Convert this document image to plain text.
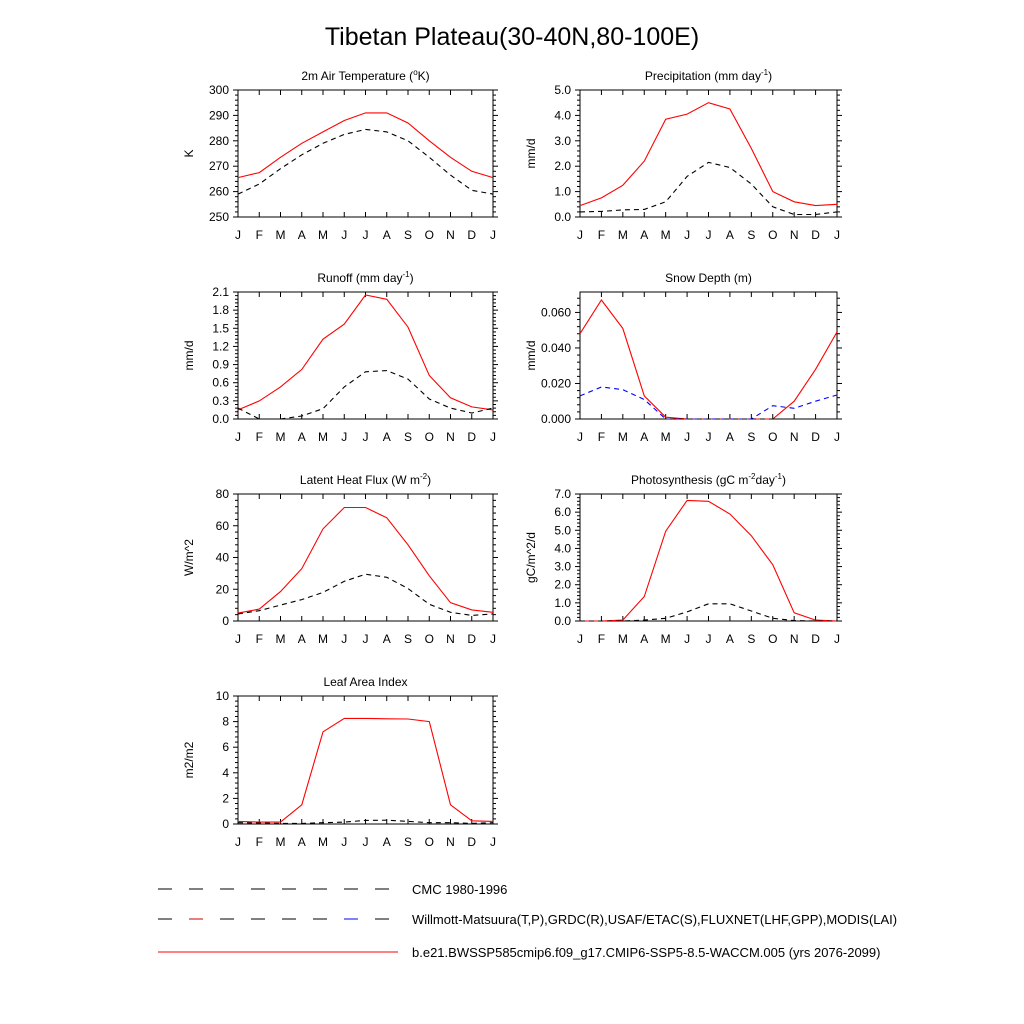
Tibetan Plateau(30-40N,80-100E)
2m Air Temperature ($^o$K)
J F M A M J J A S O N D J
250
260
270
280
290
300
K
Precipitation (mm day$^{-1}$)
J F M A M J J A S O N D J
0.0
1.0
2.0
3.0
4.0
5.0
mm/d
Runoff (mm day$^{-1}$)
J F M A M J J A S O N D J
0.0
0.3
0.6
0.9
1.2
1.5
1.8
2.1
mm/d
Snow Depth (m)
J F M A M J J A S O N D J
0.000
0.020
0.040
0.060
mm/d
Latent Heat Flux (W $m^{-2}$)
J F M A M J J A S O N D J
0
20
40
60
80
W/m^2
Photosynthesis (gC $m^{-2}day^{-1}$)
J F M A M J J A S O N D J
0.0
1.0
2.0
3.0
4.0
5.0
6.0
7.0
gC/m^2/d
Leaf Area Index
J F M A M J J A S O N D J
0
2
4
6
8
10
m2/m2
CMC 1980-1996
Willmott-Matsuura(T,P),GRDC(R),USAF/ETAC(S),FLUXNET(LHF,GPP),MODIS(LAI)
b.e21.BWSSP585cmip6.f09_g17.CMIP6-SSP5-8.5-WACCM.005 (yrs 2076-2099)
